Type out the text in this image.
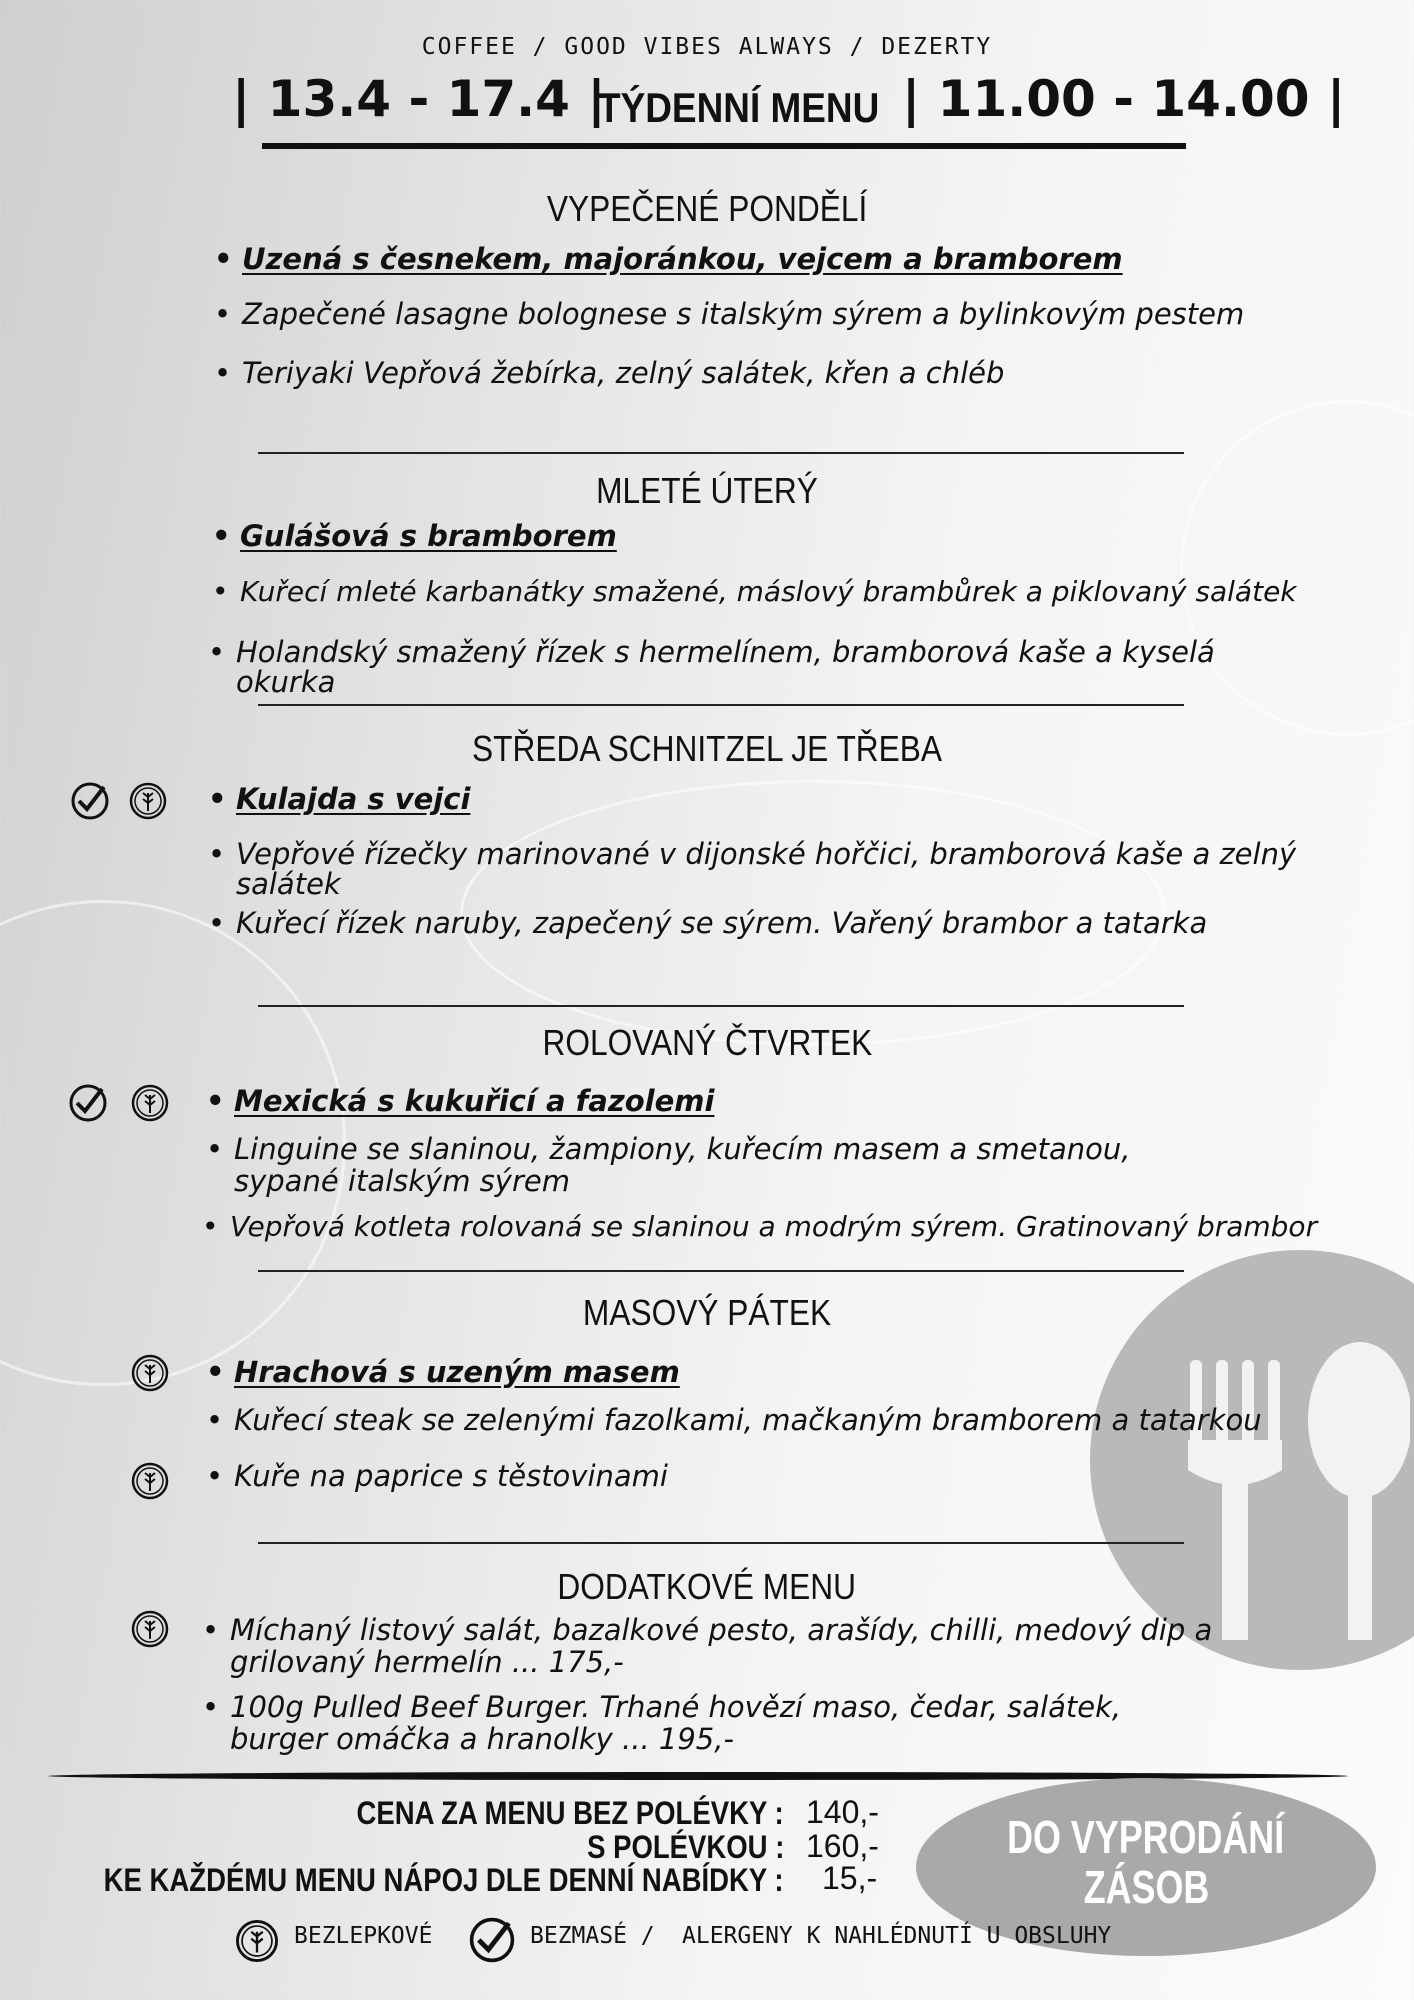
COFFEE / GOOD VIBES ALWAYS / DEZERTY
| 13.4 - 17.4 |
TÝDENNÍ MENU | 11.00 - 14.00 |
VYPEČENÉ PONDĚLÍ
• Uzená s česnekem, majoránkou, vejcem a bramborem
• Zapečené lasagne bolognese s italským sýrem a bylinkovým pestem
• Teriyaki Vepřová žebírka, zelný salátek, křen a chléb
MLETÉ ÚTERÝ
• Gulášová s bramborem
• Kuřecí mleté karbanátky smažené, máslový brambůrek a piklovaný salátek
• Holandský smažený řízek s hermelínem, bramborová kaše a kyselá
okurka
STŘEDA SCHNITZEL JE TŘEBA
• Kulajda s vejci
• Vepřové řízečky marinované v dijonské hořčici, bramborová kaše a zelný
salátek
• Kuřecí řízek naruby, zapečený se sýrem. Vařený brambor a tatarka
ROLOVANÝ ČTVRTEK
• Mexická s kukuřicí a fazolemi
• Linguine se slaninou, žampiony, kuřecím masem a smetanou,
sypané italským sýrem
• Vepřová kotleta rolovaná se slaninou a modrým sýrem. Gratinovaný brambor
MASOVÝ PÁTEK
• Hrachová s uzeným masem
• Kuřecí steak se zelenými fazolkami, mačkaným bramborem a tatarkou
• Kuře na paprice s těstovinami
DODATKOVÉ MENU
• Míchaný listový salát, bazalkové pesto, arašídy, chilli, medový dip a
grilovaný hermelín ... 175,-
• 100g Pulled Beef Burger. Trhané hovězí maso, čedar, salátek,
burger omáčka a hranolky ... 195,-
CENA ZA MENU BEZ POLÉVKY : 140,-
S POLÉVKOU : 160,-
KE KAŽDÉMU MENU NÁPOJ DLE DENNÍ NABÍDKY : 15,-
DO VYPRODÁNÍ
ZÁSOB
BEZLEPKOVÉ	BEZMASÉ / ALERGENY K NAHLÉDNUTÍ U OBSLUHY
